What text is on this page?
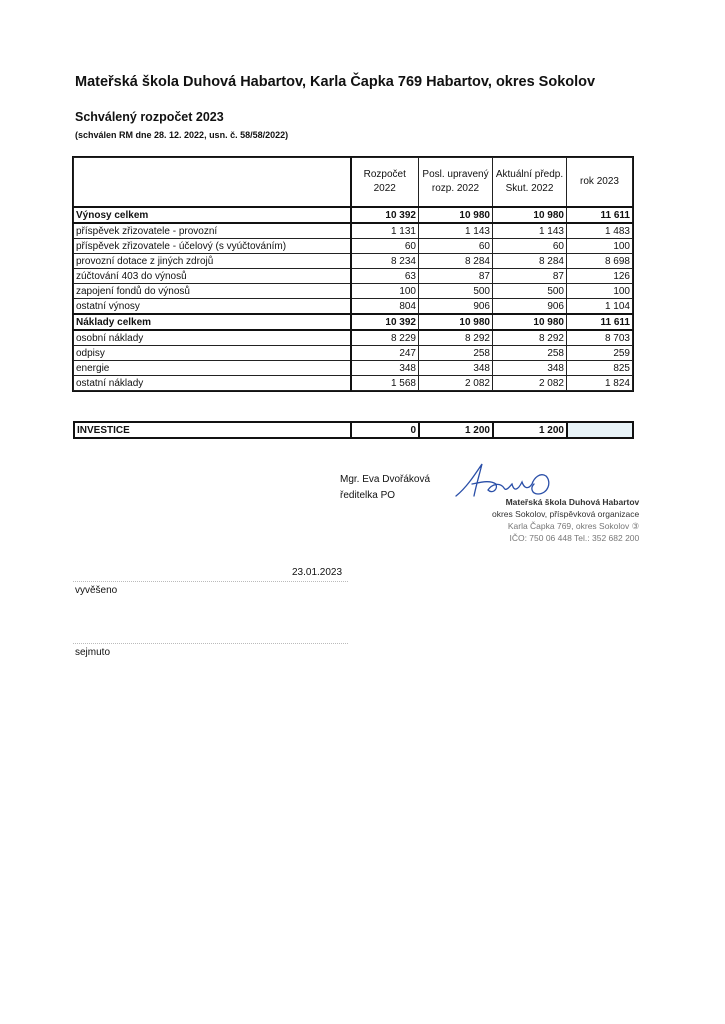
Mateřská škola Duhová Habartov, Karla Čapka 769 Habartov, okres Sokolov
Schválený rozpočet 2023
(schválen RM dne 28. 12. 2022, usn. č. 58/58/2022)
	Rozpočet 2022	Posl. upravený rozp. 2022	Aktuální předp. Skut. 2022	rok 2023
Výnosy celkem	10 392	10 980	10 980	11 611
příspěvek zřizovatele - provozní	1 131	1 143	1 143	1 483
příspěvek zřizovatele - účelový (s vyúčtováním)	60	60	60	100
provozní dotace z jiných zdrojů	8 234	8 284	8 284	8 698
zúčtování 403 do výnosů	63	87	87	126
zapojení fondů do výnosů	100	500	500	100
ostatní výnosy	804	906	906	1 104
Náklady celkem	10 392	10 980	10 980	11 611
osobní náklady	8 229	8 292	8 292	8 703
odpisy	247	258	258	259
energie	348	348	348	825
ostatní náklady	1 568	2 082	2 082	1 824
INVESTICE	0	1 200	1 200	
Mgr. Eva Dvořáková
ředitelka PO
Mateřská škola Duhová Habartov
okres Sokolov, příspěvková organizace
Karla Čapka 769, okres Sokolov ③
IČO: 750 06 448 Tel.: 352 682 200
23.01.2023
vyvěšeno
sejmuto
